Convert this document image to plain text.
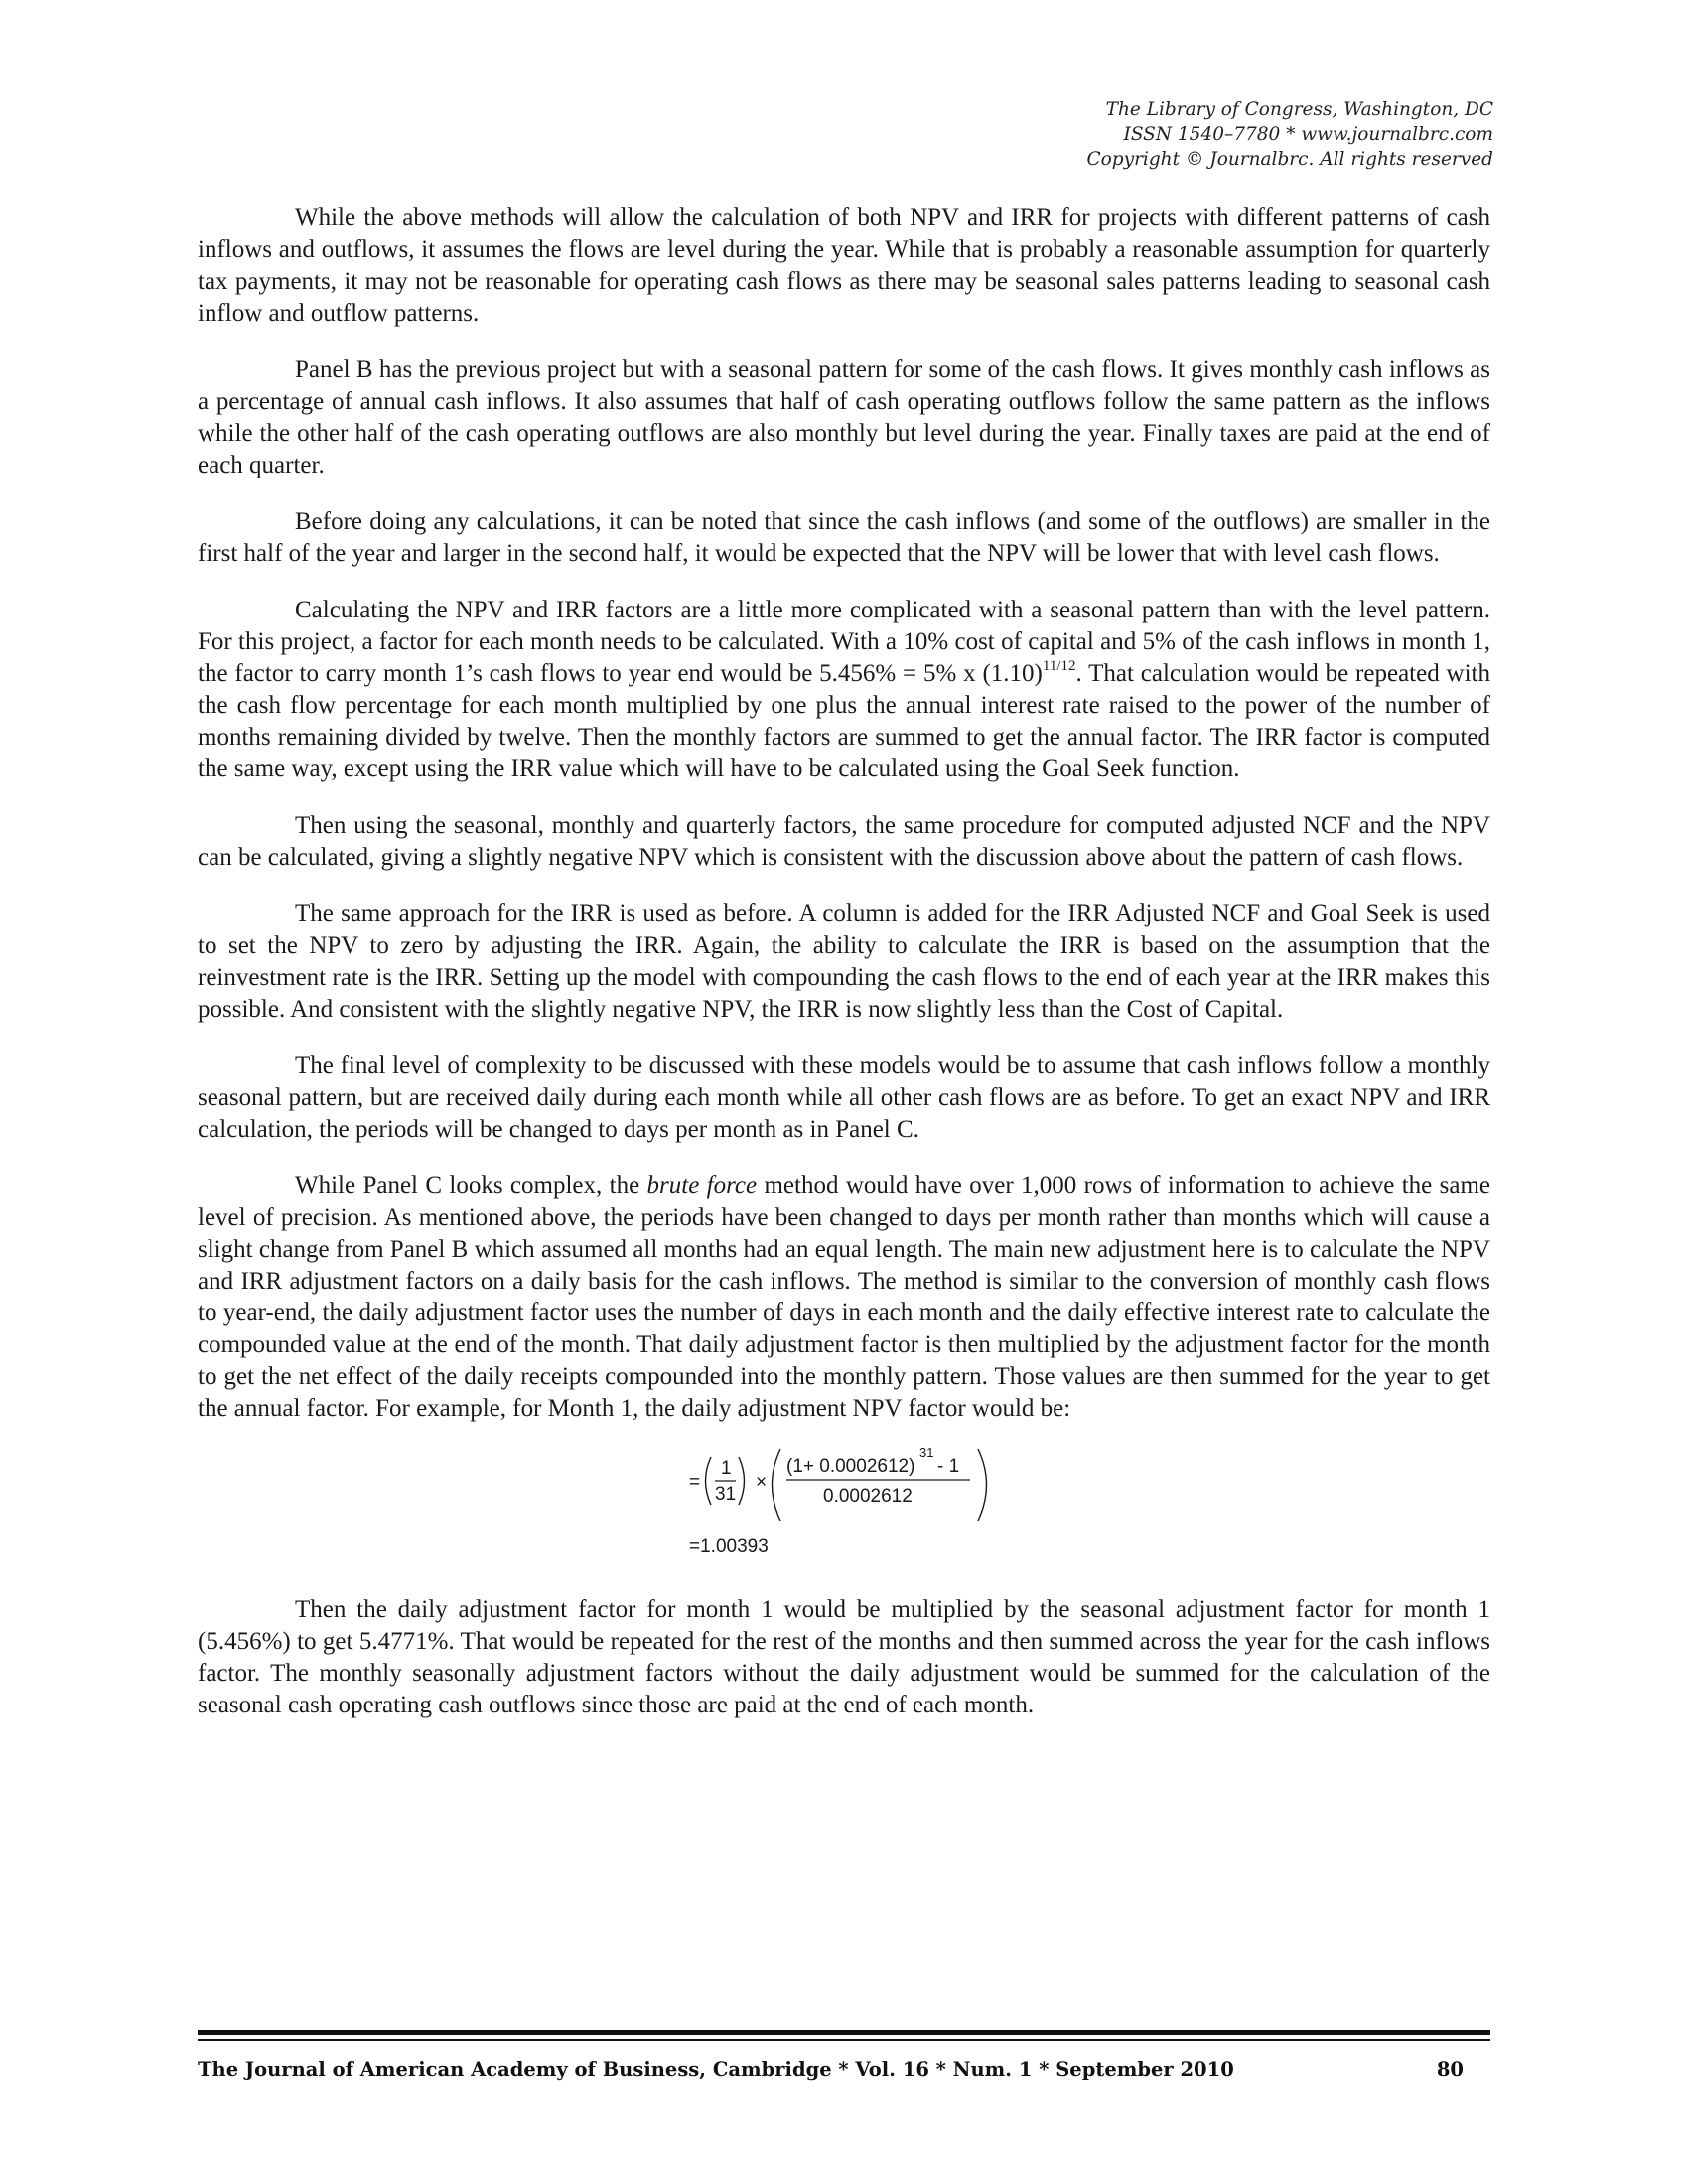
The Library of Congress, Washington, DC
ISSN 1540–7780 * www.journalbrc.com
Copyright © Journalbrc. All rights reserved

While the above methods will allow the calculation of both NPV and IRR for projects with different patterns of cash inflows and outflows, it assumes the flows are level during the year. While that is probably a reasonable assumption for quarterly tax payments, it may not be reasonable for operating cash flows as there may be seasonal sales patterns leading to seasonal cash inflow and outflow patterns.

Panel B has the previous project but with a seasonal pattern for some of the cash flows. It gives monthly cash inflows as a percentage of annual cash inflows. It also assumes that half of cash operating outflows follow the same pattern as the inflows while the other half of the cash operating outflows are also monthly but level during the year. Finally taxes are paid at the end of each quarter.

Before doing any calculations, it can be noted that since the cash inflows (and some of the outflows) are smaller in the first half of the year and larger in the second half, it would be expected that the NPV will be lower that with level cash flows.

Calculating the NPV and IRR factors are a little more complicated with a seasonal pattern than with the level pattern. For this project, a factor for each month needs to be calculated. With a 10% cost of capital and 5% of the cash inflows in month 1, the factor to carry month 1’s cash flows to year end would be 5.456% = 5% x $(1.10)^{11/12}$. That calculation would be repeated with the cash flow percentage for each month multiplied by one plus the annual interest rate raised to the power of the number of months remaining divided by twelve. Then the monthly factors are summed to get the annual factor. The IRR factor is computed the same way, except using the IRR value which will have to be calculated using the Goal Seek function.

Then using the seasonal, monthly and quarterly factors, the same procedure for computed adjusted NCF and the NPV can be calculated, giving a slightly negative NPV which is consistent with the discussion above about the pattern of cash flows.

The same approach for the IRR is used as before. A column is added for the IRR Adjusted NCF and Goal Seek is used to set the NPV to zero by adjusting the IRR. Again, the ability to calculate the IRR is based on the assumption that the reinvestment rate is the IRR. Setting up the model with compounding the cash flows to the end of each year at the IRR makes this possible. And consistent with the slightly negative NPV, the IRR is now slightly less than the Cost of Capital.

The final level of complexity to be discussed with these models would be to assume that cash inflows follow a monthly seasonal pattern, but are received daily during each month while all other cash flows are as before. To get an exact NPV and IRR calculation, the periods will be changed to days per month as in Panel C.

While Panel C looks complex, the brute force method would have over 1,000 rows of information to achieve the same level of precision. As mentioned above, the periods have been changed to days per month rather than months which will cause a slight change from Panel B which assumed all months had an equal length. The main new adjustment here is to calculate the NPV and IRR adjustment factors on a daily basis for the cash inflows. The method is similar to the conversion of monthly cash flows to year-end, the daily adjustment factor uses the number of days in each month and the daily effective interest rate to calculate the compounded value at the end of the month. That daily adjustment factor is then multiplied by the adjustment factor for the month to get the net effect of the daily receipts compounded into the monthly pattern. Those values are then summed for the year to get the annual factor. For example, for Month 1, the daily adjustment NPV factor would be:

=
1
31
×
(1+ 0.0002612)
31
- 1
0.0002612
=1.00393

Then the daily adjustment factor for month 1 would be multiplied by the seasonal adjustment factor for month 1 (5.456%) to get 5.4771%. That would be repeated for the rest of the months and then summed across the year for the cash inflows factor. The monthly seasonally adjustment factors without the daily adjustment would be summed for the calculation of the seasonal cash operating cash outflows since those are paid at the end of each month.

The Journal of American Academy of Business, Cambridge * Vol. 16 * Num. 1 * September 2010	80
